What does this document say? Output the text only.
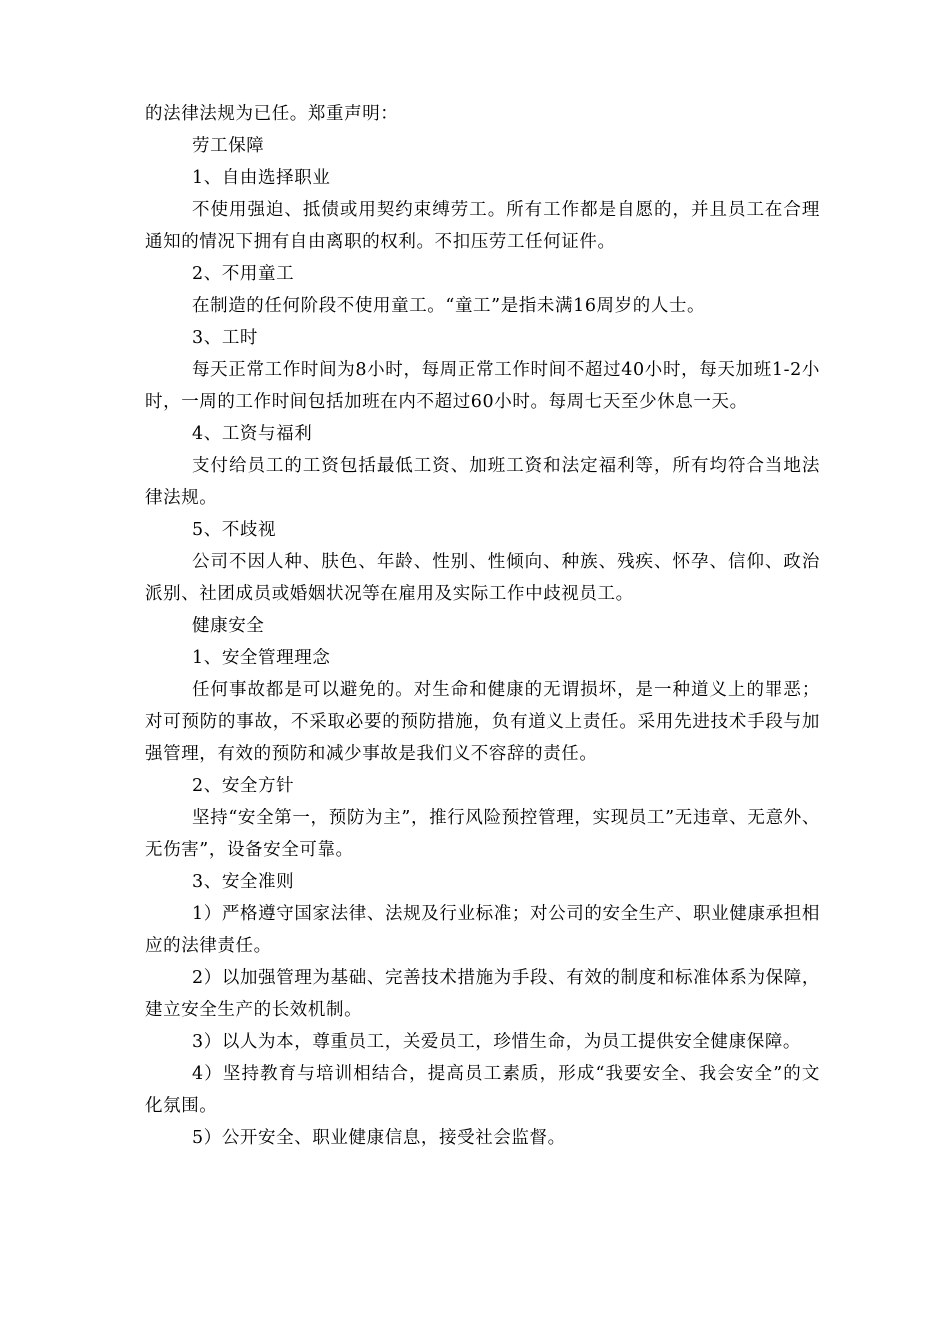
的法律法规为已任。郑重声明：

劳工保障

1、自由选择职业

不使用强迫、抵债或用契约束缚劳工。所有工作都是自愿的，并且员工在合理通知的情况下拥有自由离职的权利。不扣压劳工任何证件。

2、不用童工

在制造的任何阶段不使用童工。“童工”是指未满16周岁的人士。

3、工时

每天正常工作时间为8小时，每周正常工作时间不超过40小时，每天加班1-2小时，一周的工作时间包括加班在内不超过60小时。每周七天至少休息一天。

4、工资与福利

支付给员工的工资包括最低工资、加班工资和法定福利等，所有均符合当地法律法规。

5、不歧视

公司不因人种、肤色、年龄、性别、性倾向、种族、残疾、怀孕、信仰、政治派别、社团成员或婚姻状况等在雇用及实际工作中歧视员工。

健康安全

1、安全管理理念

任何事故都是可以避免的。对生命和健康的无谓损坏，是一种道义上的罪恶；对可预防的事故，不采取必要的预防措施，负有道义上责任。采用先进技术手段与加强管理，有效的预防和减少事故是我们义不容辞的责任。

2、安全方针

坚持“安全第一，预防为主”，推行风险预控管理，实现员工”无违章、无意外、无伤害”，设备安全可靠。

3、安全准则

1）严格遵守国家法律、法规及行业标准；对公司的安全生产、职业健康承担相应的法律责任。

2）以加强管理为基础、完善技术措施为手段、有效的制度和标准体系为保障，建立安全生产的长效机制。

3）以人为本，尊重员工，关爱员工，珍惜生命，为员工提供安全健康保障。

4）坚持教育与培训相结合，提高员工素质，形成“我要安全、我会安全”的文化氛围。

5）公开安全、职业健康信息，接受社会监督。
